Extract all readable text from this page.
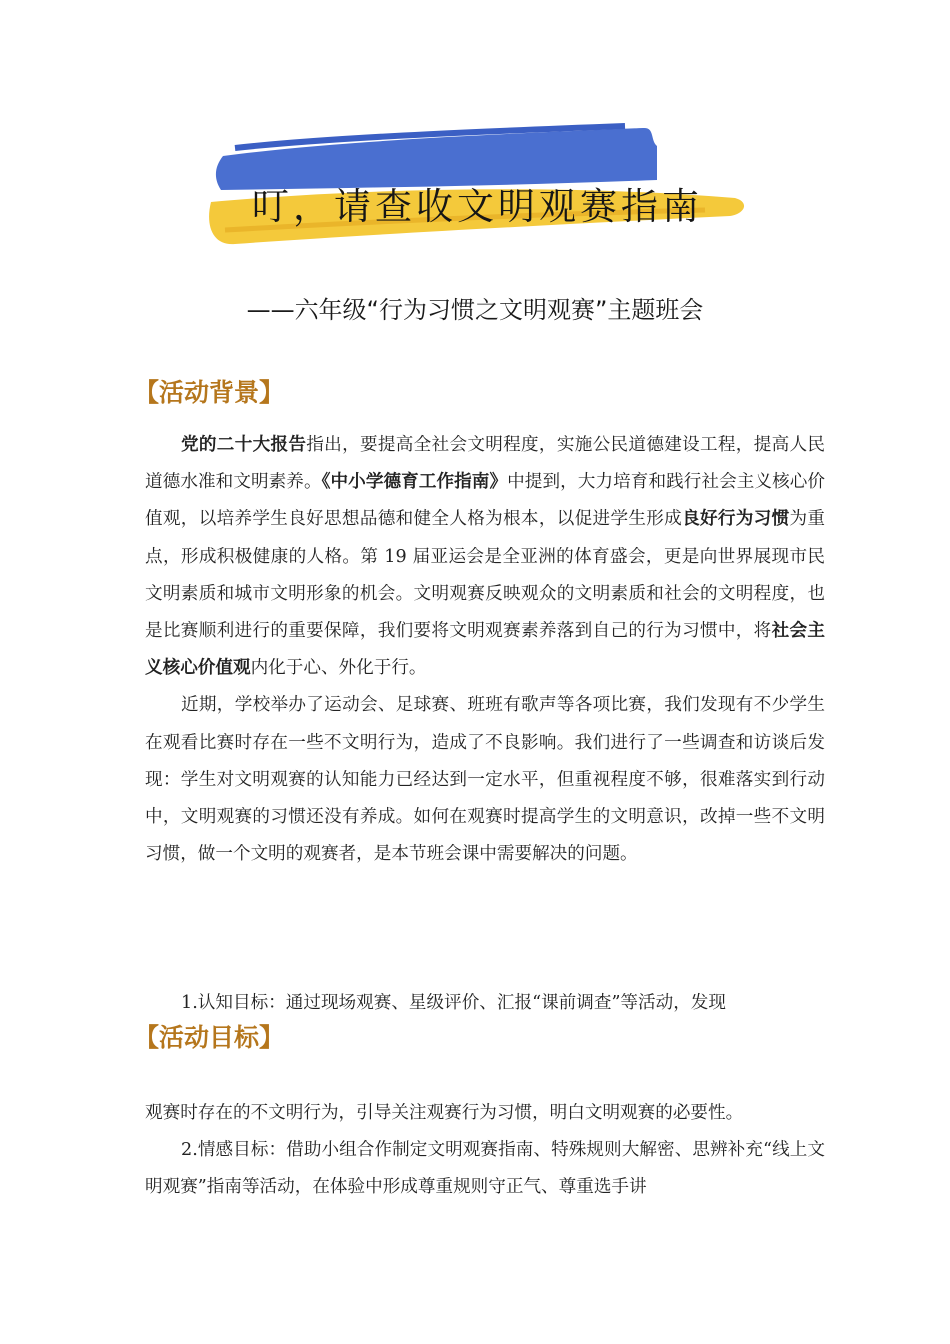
叮，请查收文明观赛指南
——六年级“行为习惯之文明观赛”主题班会
【活动背景】

党的二十大报告指出，要提高全社会文明程度，实施公民道德建设工程，提高人民道德水准和文明素养。《中小学德育工作指南》中提到，大力培育和践行社会主义核心价值观，以培养学生良好思想品德和健全人格为根本，以促进学生形成良好行为习惯为重点，形成积极健康的人格。第 19 届亚运会是全亚洲的体育盛会，更是向世界展现市民文明素质和城市文明形象的机会。文明观赛反映观众的文明素质和社会的文明程度，也是比赛顺利进行的重要保障，我们要将文明观赛素养落到自己的行为习惯中，将社会主义核心价值观内化于心、外化于行。

近期，学校举办了运动会、足球赛、班班有歌声等各项比赛，我们发现有不少学生在观看比赛时存在一些不文明行为，造成了不良影响。我们进行了一些调查和访谈后发现：学生对文明观赛的认知能力已经达到一定水平，但重视程度不够，很难落实到行动中，文明观赛的习惯还没有养成。如何在观赛时提高学生的文明意识，改掉一些不文明习惯，做一个文明的观赛者，是本节班会课中需要解决的问题。

1.认知目标：通过现场观赛、星级评价、汇报“课前调查”等活动，发现

【活动目标】

观赛时存在的不文明行为，引导关注观赛行为习惯，明白文明观赛的必要性。

2.情感目标：借助小组合作制定文明观赛指南、特殊规则大解密、思辨补充“线上文明观赛”指南等活动，在体验中形成尊重规则守正气、尊重选手讲
